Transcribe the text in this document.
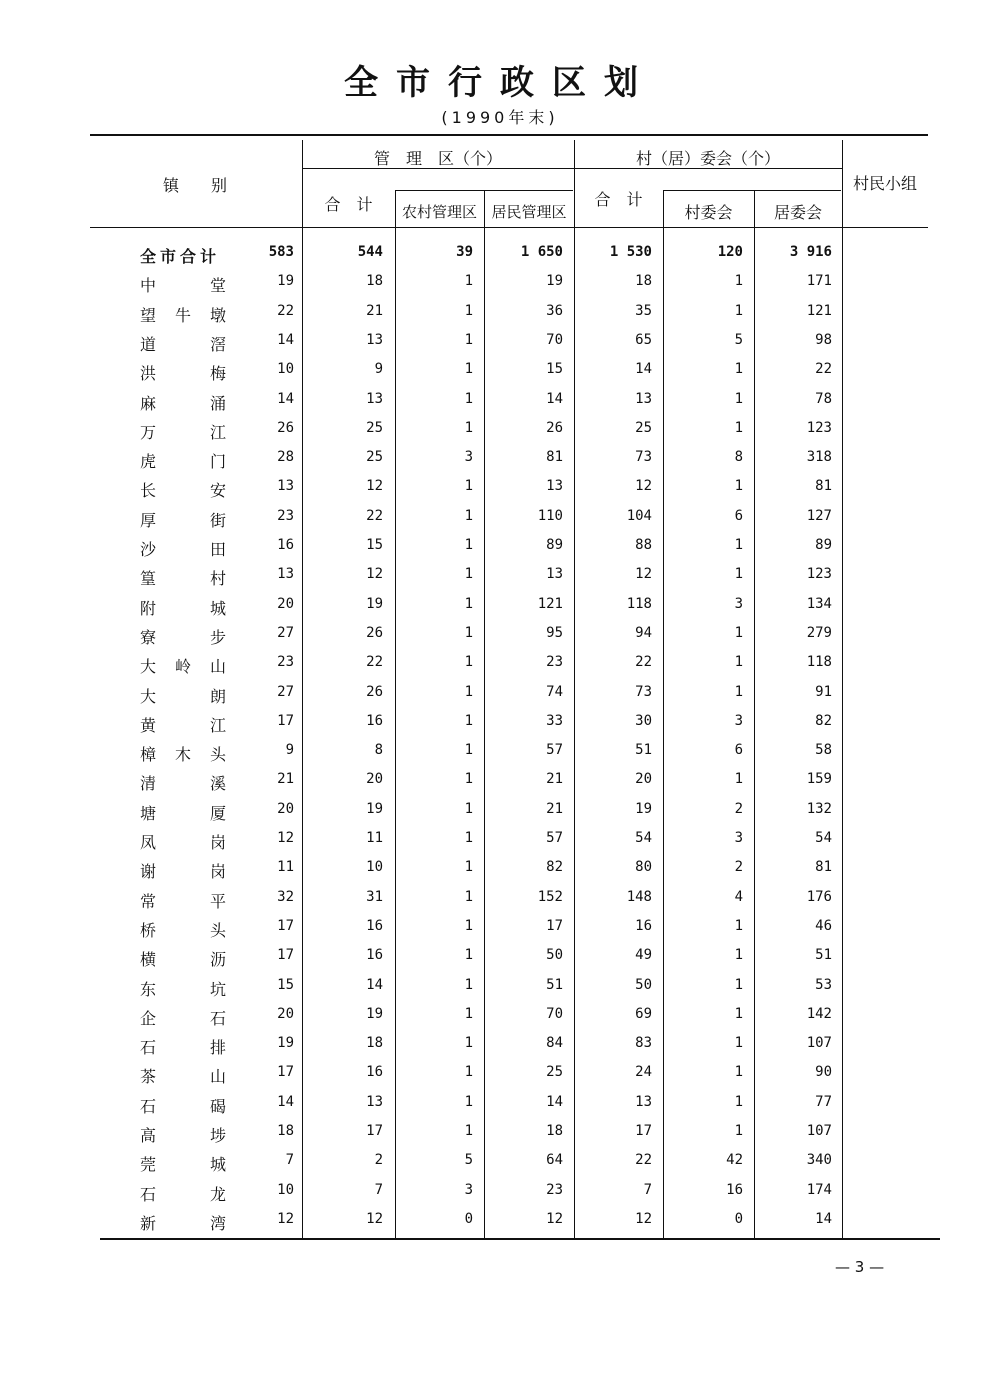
全市行政区划
(1990年末)
镇　　别
管　理　区（个）	村（居）委会（个）
村民小组
合　计	农村管理区 居民管理区
合　计
村委会	居委会
全市合计	583	544	39	1 650	1 530	120	3 916
中	堂	19	18	1	19	18	1	171
望 牛 墩	22	21	1	36	35	1	121
道	滘	14	13	1	70	65	5	98
洪	梅	10	9	1	15	14	1	22
麻	涌	14	13	1	14	13	1	78
万	江	26	25	1	26	25	1	123
虎	门	28	25	3	81	73	8	318
长	安	13	12	1	13	12	1	81
厚	街	23	22	1	110	104	6	127
沙	田	16	15	1	89	88	1	89
篁	村	13	12	1	13	12	1	123
附	城	20	19	1	121	118	3	134
寮	步	27	26	1	95	94	1	279
大 岭 山	23	22	1	23	22	1	118
大	朗	27	26	1	74	73	1	91
黄	江	17	16	1	33	30	3	82
樟 木 头	9	8	1	57	51	6	58
清	溪	21	20	1	21	20	1	159
塘	厦	20	19	1	21	19	2	132
凤	岗	12	11	1	57	54	3	54
谢	岗	11	10	1	82	80	2	81
常	平	32	31	1	152	148	4	176
桥	头	17	16	1	17	16	1	46
横	沥	17	16	1	50	49	1	51
东	坑	15	14	1	51	50	1	53
企	石	20	19	1	70	69	1	142
石	排	19	18	1	84	83	1	107
茶	山	17	16	1	25	24	1	90
石	碣	14	13	1	14	13	1	77
高	埗	18	17	1	18	17	1	107
莞	城	7	2	5	64	22	42	340
石	龙	10	7	3	23	7	16	174
新	湾	12	12	0	12	12	0	14
— 3 —
